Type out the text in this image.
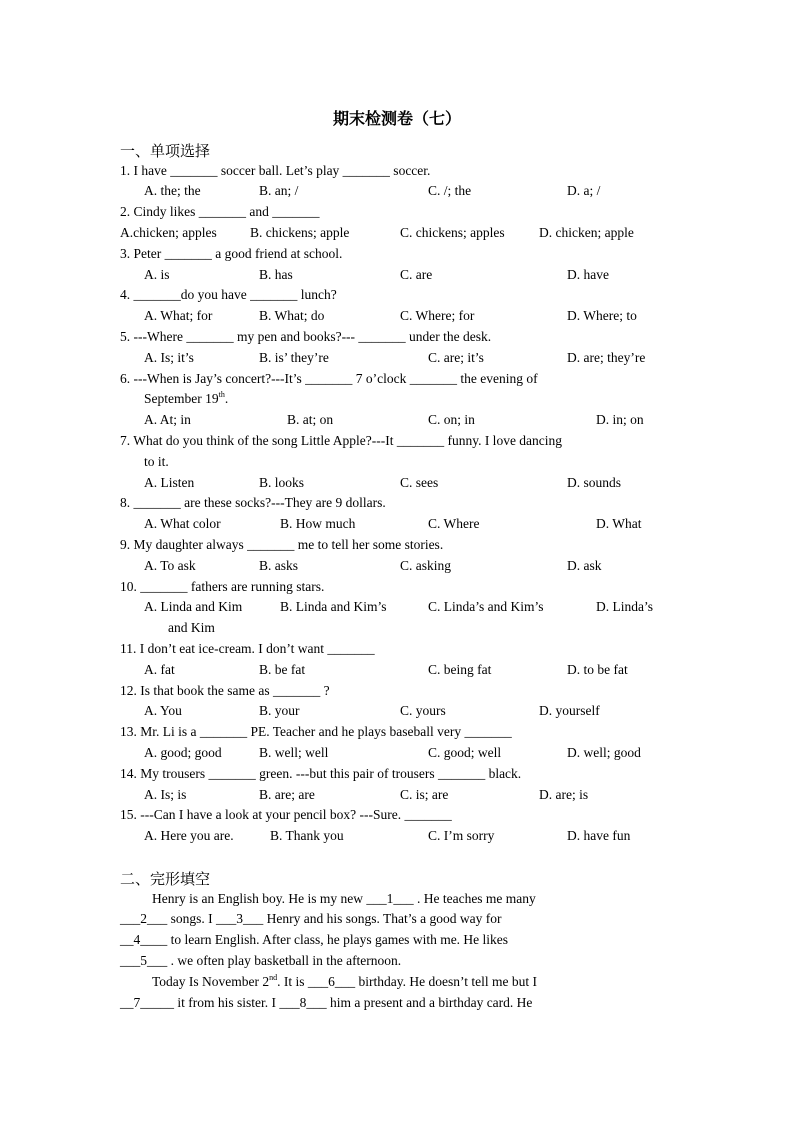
期末检测卷（七）
一、单项选择
1. I have _______ soccer ball. Let’s play _______ soccer.
A. the; the	B. an; /	C. /; the	D. a; /
2. Cindy likes _______ and _______
A.chicken; apples B. chickens; apple	C. chickens; apples	D. chicken; apple
3. Peter _______ a good friend at school.
A. is	B. has	C. are	D. have
4. _______do you have _______ lunch?
A. What; for	B. What; do	C. Where; for	D. Where; to
5. ---Where _______ my pen and books?--- _______ under the desk.
A. Is; it’s	B. is’ they’re	C. are; it’s	D. are; they’re
6. ---When is Jay’s concert?---It’s _______ 7 o’clock _______ the evening of
September 19th.
A. At; in	B. at; on	C. on; in	D. in; on
7. What do you think of the song Little Apple?---It _______ funny. I love dancing
to it.
A. Listen	B. looks	C. sees	D. sounds
8. _______ are these socks?---They are 9 dollars.
A. What color	B. How much	C. Where	D. What
9. My daughter always _______ me to tell her some stories.
A. To ask	B. asks	C. asking	D. ask
10. _______ fathers are running stars.
A. Linda and Kim	B. Linda and Kim’s	C. Linda’s and Kim’s	D. Linda’s
and Kim
11. I don’t eat ice-cream. I don’t want _______
A. fat	B. be fat	C. being fat	D. to be fat
12. Is that book the same as _______ ?
A. You	B. your	C. yours	D. yourself
13. Mr. Li is a _______ PE. Teacher and he plays baseball very _______
A. good; good	B. well; well	C. good; well	D. well; good
14. My trousers _______ green. ---but this pair of trousers _______ black.
A. Is; is	B. are; are	C. is; are	D. are; is
15. ---Can I have a look at your pencil box? ---Sure. _______
A. Here you are.	B. Thank you	C. I’m sorry	D. have fun
二、完形填空
Henry is an English boy. He is my new ___1___ . He teaches me many
___2___ songs. I ___3___ Henry and his songs. That’s a good way for
__4____ to learn English. After class, he plays games with me. He likes
___5___ . we often play basketball in the afternoon.
Today Is November 2nd. It is ___6___ birthday. He doesn’t tell me but I
__7_____ it from his sister. I ___8___ him a present and a birthday card. He
